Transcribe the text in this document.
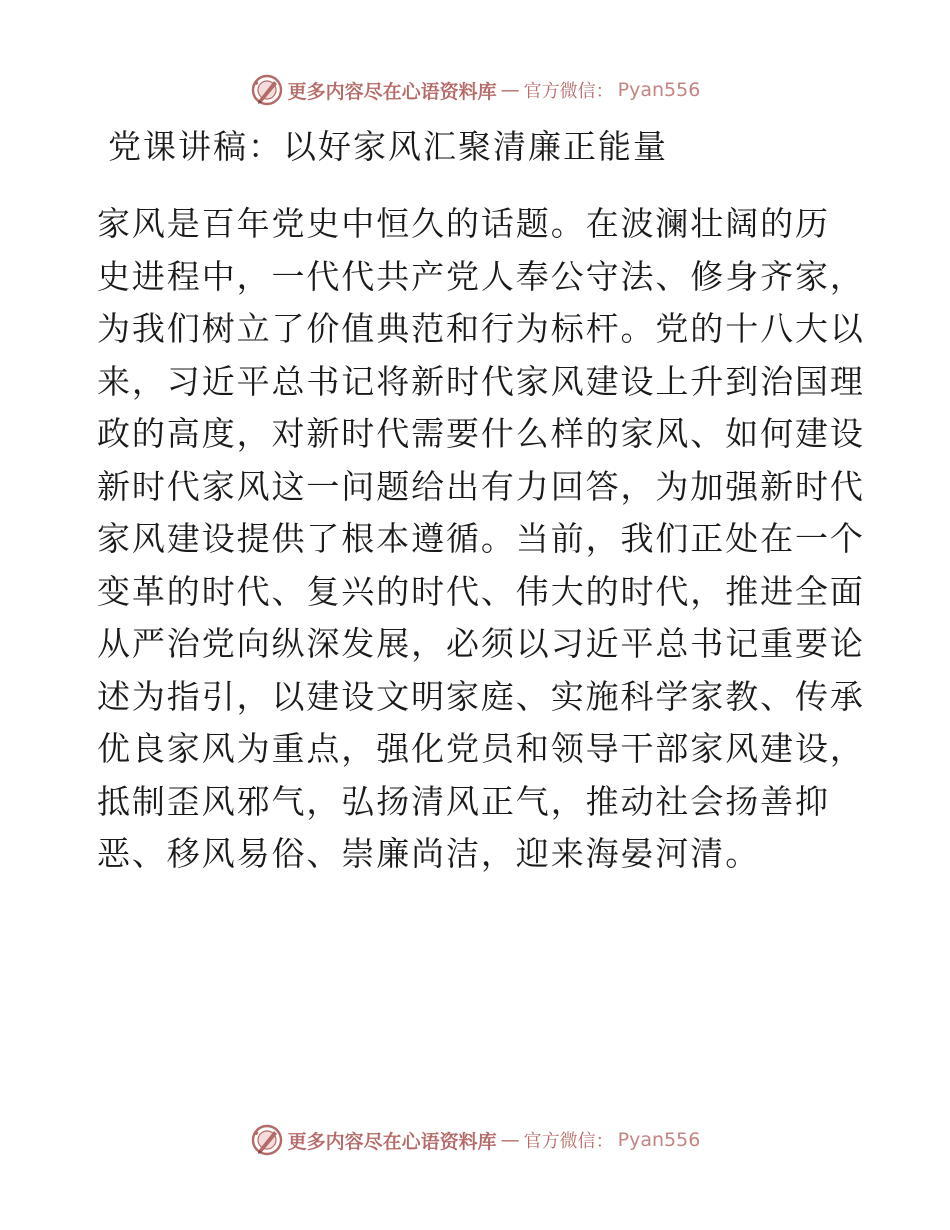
更多内容尽在心语资料库 — 官方微信： Pyan556
党课讲稿：以好家风汇聚清廉正能量
家风是百年党史中恒久的话题。在波澜壮阔的历
史进程中，一代代共产党人奉公守法、修身齐家，
为我们树立了价值典范和行为标杆。党的十八大以
来，习近平总书记将新时代家风建设上升到治国理
政的高度，对新时代需要什么样的家风、如何建设
新时代家风这一问题给出有力回答，为加强新时代
家风建设提供了根本遵循。当前，我们正处在一个
变革的时代、复兴的时代、伟大的时代，推进全面
从严治党向纵深发展，必须以习近平总书记重要论
述为指引，以建设文明家庭、实施科学家教、传承
优良家风为重点，强化党员和领导干部家风建设，
抵制歪风邪气，弘扬清风正气，推动社会扬善抑
恶、移风易俗、崇廉尚洁，迎来海晏河清。
更多内容尽在心语资料库 — 官方微信： Pyan556
